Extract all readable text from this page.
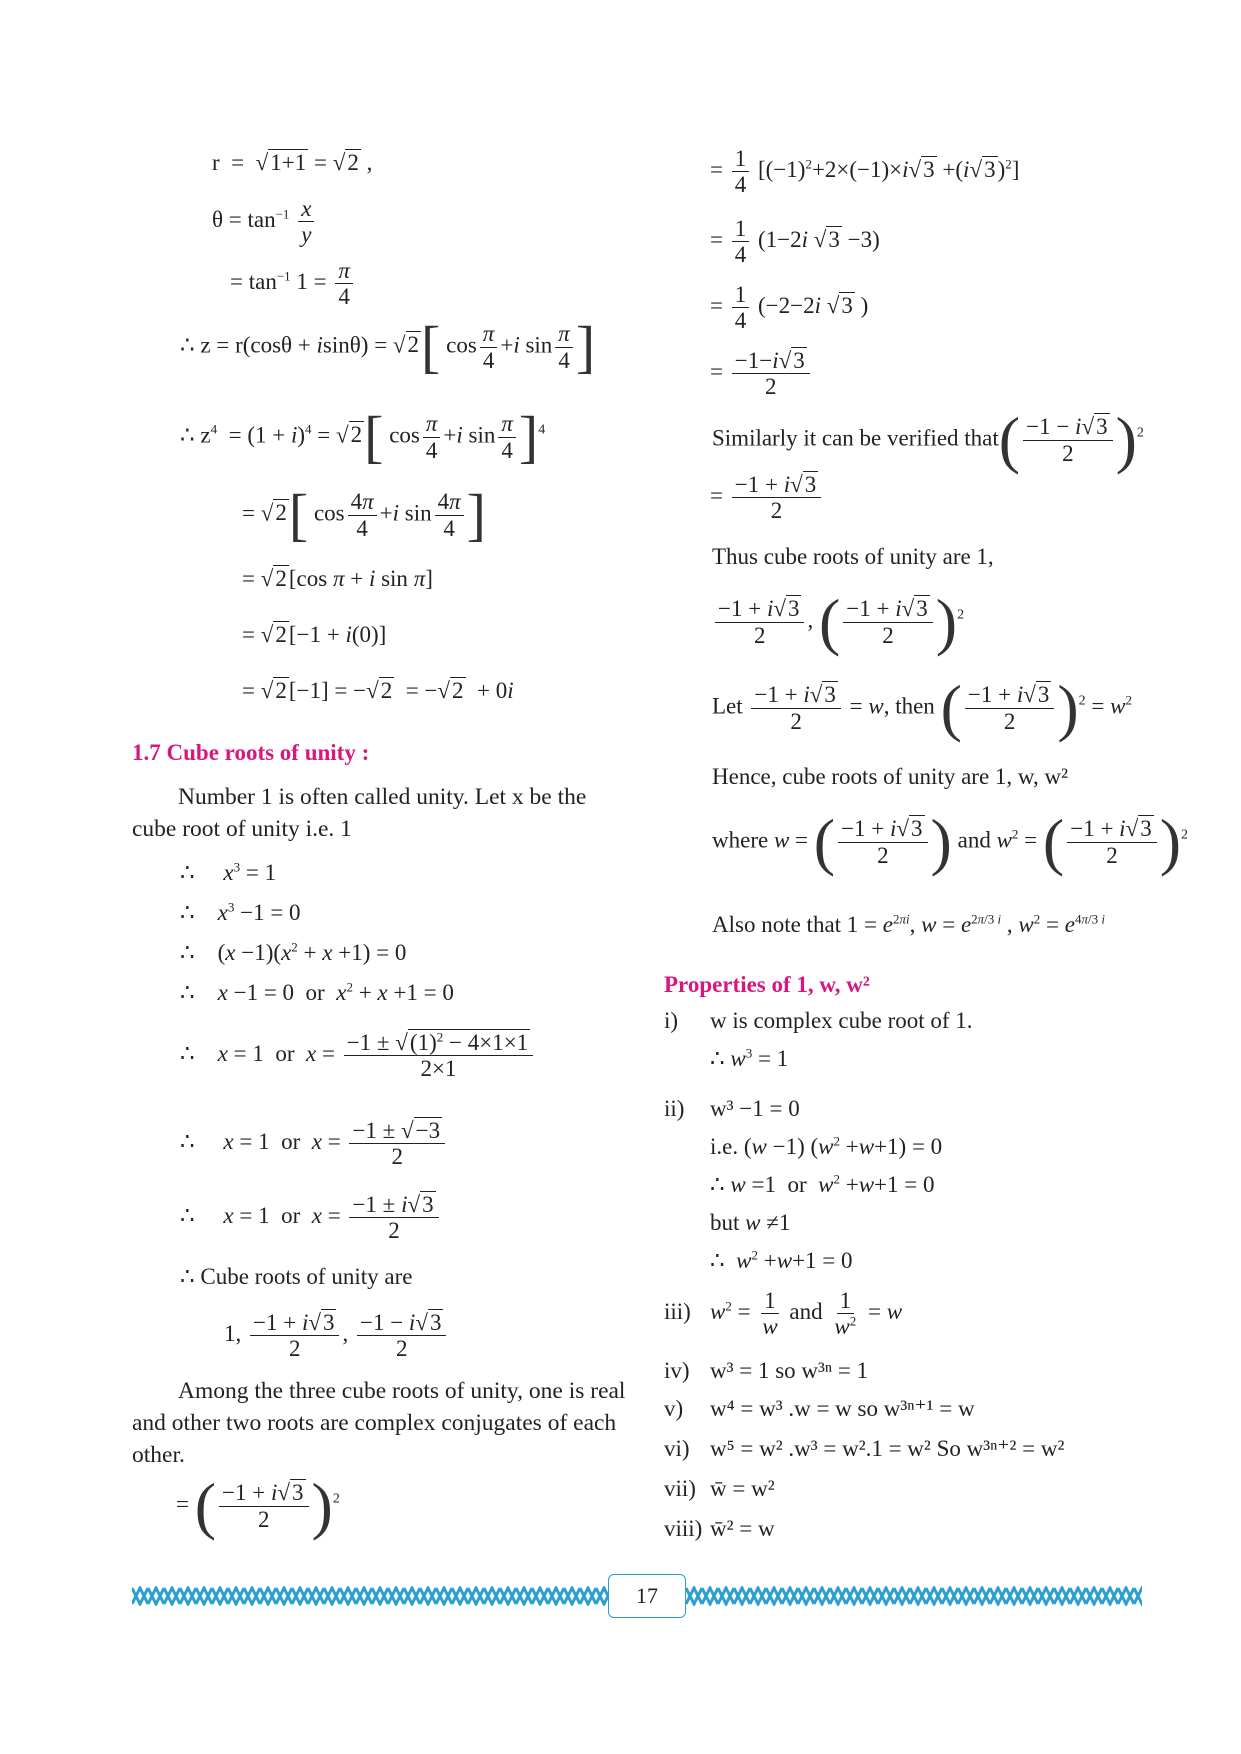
r  =  √1+1 = √2 ,
$\theta = \tan^{-1} \frac{x}{y}$
= $\tan^{-1} 1 = \frac{\pi}{4}$
∴ z = r(cosθ + isinθ) = √2[ $\cos \frac{\pi}{4} +i$ $\sin \frac{\pi}{4}$ ]
∴ $z^4 = (1 + i)^4 = √2$[ $\cos \frac{\pi}{4} +i$ $\sin \frac{\pi}{4} ]^4$
= √2[ $\cos \frac{4\pi}{4} +i$ $\sin \frac{4\pi}{4}$ ]
= √2[cos π + i sin π]
= √2[−1 + i(0)]
= √2[−1] = −√2  = −√2  + 0i
1.7 Cube roots of unity :
Number 1 is often called unity. Let x be the cube root of unity i.e. 1
∴     $x^3 = 1$
∴    $x^3 -1 = 0$
∴    $(x -1)(x^2 + x +1) = 0$
∴    x −1 = 0  or  $x^2 + x +1 = 0$
∴    x = 1  or  $x = \frac{-1 \pm √(1)^2 - 4\times 1\times 1}{2\times 1}$
∴     x = 1  or  $x = \frac{-1 \pm √-3}{2}$
∴     x = 1  or  $x = \frac{-1 \pm i√3}{2}$
∴ Cube roots of unity are
1, $\frac{-1 + i√3}{2}$ , $\frac{-1 - i√3}{2}$
Among the three cube roots of unity, one is real and other two roots are complex conjugates of each other.
= ( $\frac{-1 + i√3}{2} )^2$
= $\frac{1}{4} [(-1)^2+2\times(-1)\times i√3 +(i√3)^2]$
= $\frac{1}{4} (1-2i$ √3 −3)
= $\frac{1}{4} (-2-2i$ √3 )
= $\frac{-1-i√3}{2}$
Similarly it can be verified that( $\frac{-1 - i√3}{2} )^2$
= $\frac{-1 + i√3}{2}$
Thus cube roots of unity are 1,
$\frac{-1 + i√3}{2}$ , ( $\frac{-1 + i√3}{2} )^2$
Let $\frac{-1 + i√3}{2} = w$, then ( $\frac{-1 + i√3}{2} )^2 = w^2$
Hence, cube roots of unity are 1, w, w²
where w = ( $\frac{-1 + i√3}{2}$ ) and $w^2$ = ( $\frac{-1 + i√3}{2} )^2$
Also note that $1 = e^{2\pi i}$, $w = e^{2\pi/3 i}$ , $w^2 = e^{4\pi/3 i}$
Properties of 1, w, w²
i) w is complex cube root of 1.
∴ $w^3 = 1$
ii) w³ −1 = 0
i.e. (w −1) $(w^2 +w+1) = 0$
∴ w =1  or  $w^2 +w+1 = 0$
but w ≠1
∴  $w^2 +w+1 = 0$
iii) $w^2 = \frac{1}{w}$ and $\frac{1}{w^2} = w$
iv) w³ = 1 so w³ⁿ = 1
v) w⁴ = w³ .w = w so w³ⁿ⁺¹ = w
vi) w⁵ = w² .w³ = w².1 = w² So w³ⁿ⁺² = w²
vii) w̄ = w²
viii) w̄² = w
17
